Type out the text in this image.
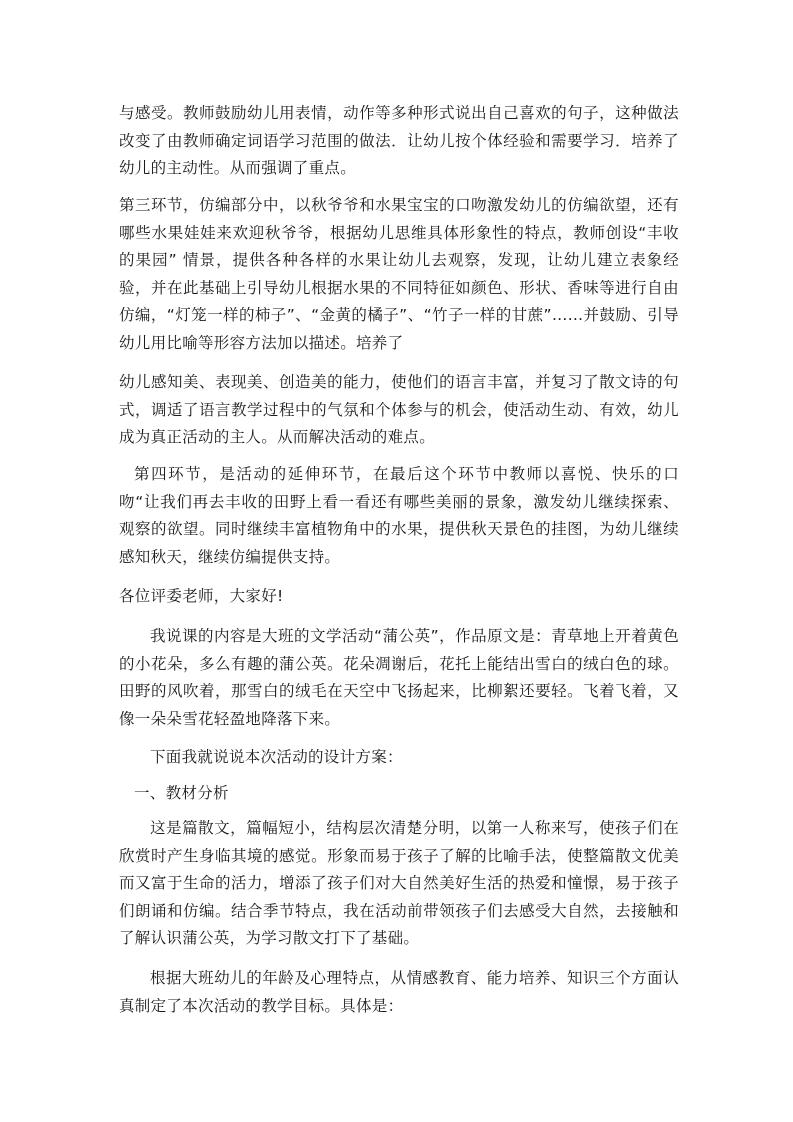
与感受。教师鼓励幼儿用表情，动作等多种形式说出自己喜欢的句子，这种做法改变了由教师确定词语学习范围的做法．让幼儿按个体经验和需要学习．培养了幼儿的主动性。从而强调了重点。

第三环节，仿编部分中，以秋爷爷和水果宝宝的口吻激发幼儿的仿编欲望，还有哪些水果娃娃来欢迎秋爷爷，根据幼儿思维具体形象性的特点，教师创设“丰收的果园” 情景，提供各种各样的水果让幼儿去观察，发现，让幼儿建立表象经验，并在此基础上引导幼儿根据水果的不同特征如颜色、形状、香味等进行自由仿编，“灯笼一样的柿子”、“金黄的橘子”、“竹子一样的甘蔗”……并鼓励、引导幼儿用比喻等形容方法加以描述。培养了

幼儿感知美、表现美、创造美的能力，使他们的语言丰富，并复习了散文诗的句式，调适了语言教学过程中的气氛和个体参与的机会，使活动生动、有效，幼儿成为真正活动的主人。从而解决活动的难点。

第四环节，是活动的延伸环节，在最后这个环节中教师以喜悦、快乐的口吻“让我们再去丰收的田野上看一看还有哪些美丽的景象，激发幼儿继续探索、观察的欲望。同时继续丰富植物角中的水果，提供秋天景色的挂图，为幼儿继续感知秋天，继续仿编提供支持。

各位评委老师，大家好!

我说课的内容是大班的文学活动“蒲公英”，作品原文是：青草地上开着黄色的小花朵，多么有趣的蒲公英。花朵凋谢后，花托上能结出雪白的绒白色的球。田野的风吹着，那雪白的绒毛在天空中飞扬起来，比柳絮还要轻。飞着飞着，又像一朵朵雪花轻盈地降落下来。

下面我就说说本次活动的设计方案：

一、教材分析

这是篇散文，篇幅短小，结构层次清楚分明，以第一人称来写，使孩子们在欣赏时产生身临其境的感觉。形象而易于孩子了解的比喻手法，使整篇散文优美而又富于生命的活力，增添了孩子们对大自然美好生活的热爱和憧憬，易于孩子们朗诵和仿编。结合季节特点，我在活动前带领孩子们去感受大自然，去接触和了解认识蒲公英，为学习散文打下了基础。

根据大班幼儿的年龄及心理特点，从情感教育、能力培养、知识三个方面认真制定了本次活动的教学目标。具体是：
